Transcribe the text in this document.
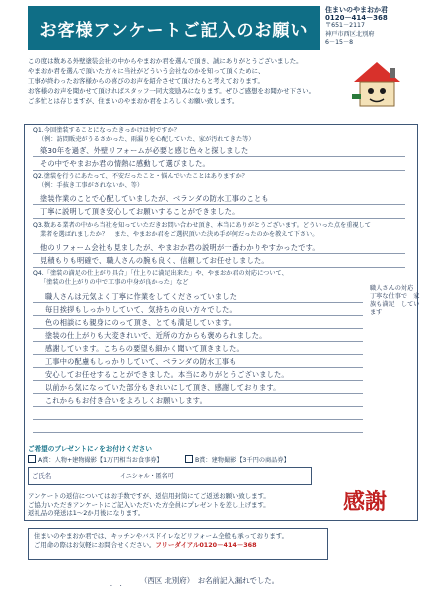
お客様アンケートご記入のお願い
住まいのやまおか君
0120－414－368
〒651－2117
神戸市西区北別府
6－15－8
この度は数ある外壁塗装会社の中からやまおか君を選んで頂き、誠にありがとうございました。
やまおか君を選んで頂いた方々に当社がどういう会社なのかを知って頂くために、
工事が終わったお客様からの喜びのお声を紹介させて頂けたらと考えております。
お客様のお声を聞かせて頂ければスタッフ一同大変励みになります。ぜひご感想をお聞かせ下さい。
ご多忙とは存じますが、住まいのやまおか君をよろしくお願い致します。
Q1.今回塗装することになったきっかけは何ですか？
（例：訪問販売がうるさかった、雨漏りを心配していた、家が汚れてきた等）
築30年を過ぎ、外壁リフォームが必要と感じ色々と探しました
その中でやまおか君の情熱に感動して選びました。
Q2.塗装を行うにあたって、不安だったこと・悩んでいたことはありますか？
（例：手抜き工事がされないか、等）
塗装作業のことで心配していましたが、ベランダの防水工事のことも
丁寧に説明して頂き安心してお願いすることができました。
Q3.数ある業者の中から当社を知っていただきお問い合わせ頂き、本当にありがとうございます。どういった点を重視して
業者を選ばれましたか？　また、やまおか君をご選択頂いた決め手が何だったのかを教えて下さい。
他のリフォーム会社も見ましたが、やまおか君の説明が一番わかりやすかったです。
見積もりも明確で、職人さんの腕も良く、信頼してお任せしました。
Q4.「塗装の満足の仕上がり具合」「仕上りに満足出来た」や、やまおか君の対応について、
「塗装の仕上がりの中で工事の中身が良かった」など
職人さんの対応　丁寧な仕事で　家族も満足　しています
職人さんは元気よく丁寧に作業をしてくださっていました
毎日挨拶もしっかりしていて、気持ちの良い方々でした。
色の相談にも親身にのって頂き、とても満足しています。
塗装の仕上がりも大変きれいで、近所の方からも褒められました。
感謝しています。こちらの要望も細かく聞いて頂きました。
工事中の配慮もしっかりしていて、ベランダの防水工事も
安心してお任せすることができました。本当にありがとうございました。
以前から気になっていた部分もきれいにして頂き、感謝しております。
これからもお付き合いをよろしくお願いします。
ご希望のプレゼントに✓をお付けください
A賞：人物+建物撮影【1万円相当お食事券】	B賞：建物撮影【3千円の商品券】
ご氏名	イニシャル・匿名可
感謝
アンケートの返信についてはお手数ですが、返信用封筒にてご返送お願い致します。
ご協力いただきアンケートにご記入いただいた方全員にプレゼントを差し上げます。
返礼品の発送は1～2か月後になります。
住まいのやまおか君では、キッチンやバスドイレなどリフォーム全般も承っております。
ご用命の際はお気軽にお問合せください。フリーダイアル0120－414－368
　　.　. （西区 北別府）　お名前記入漏れでした。
